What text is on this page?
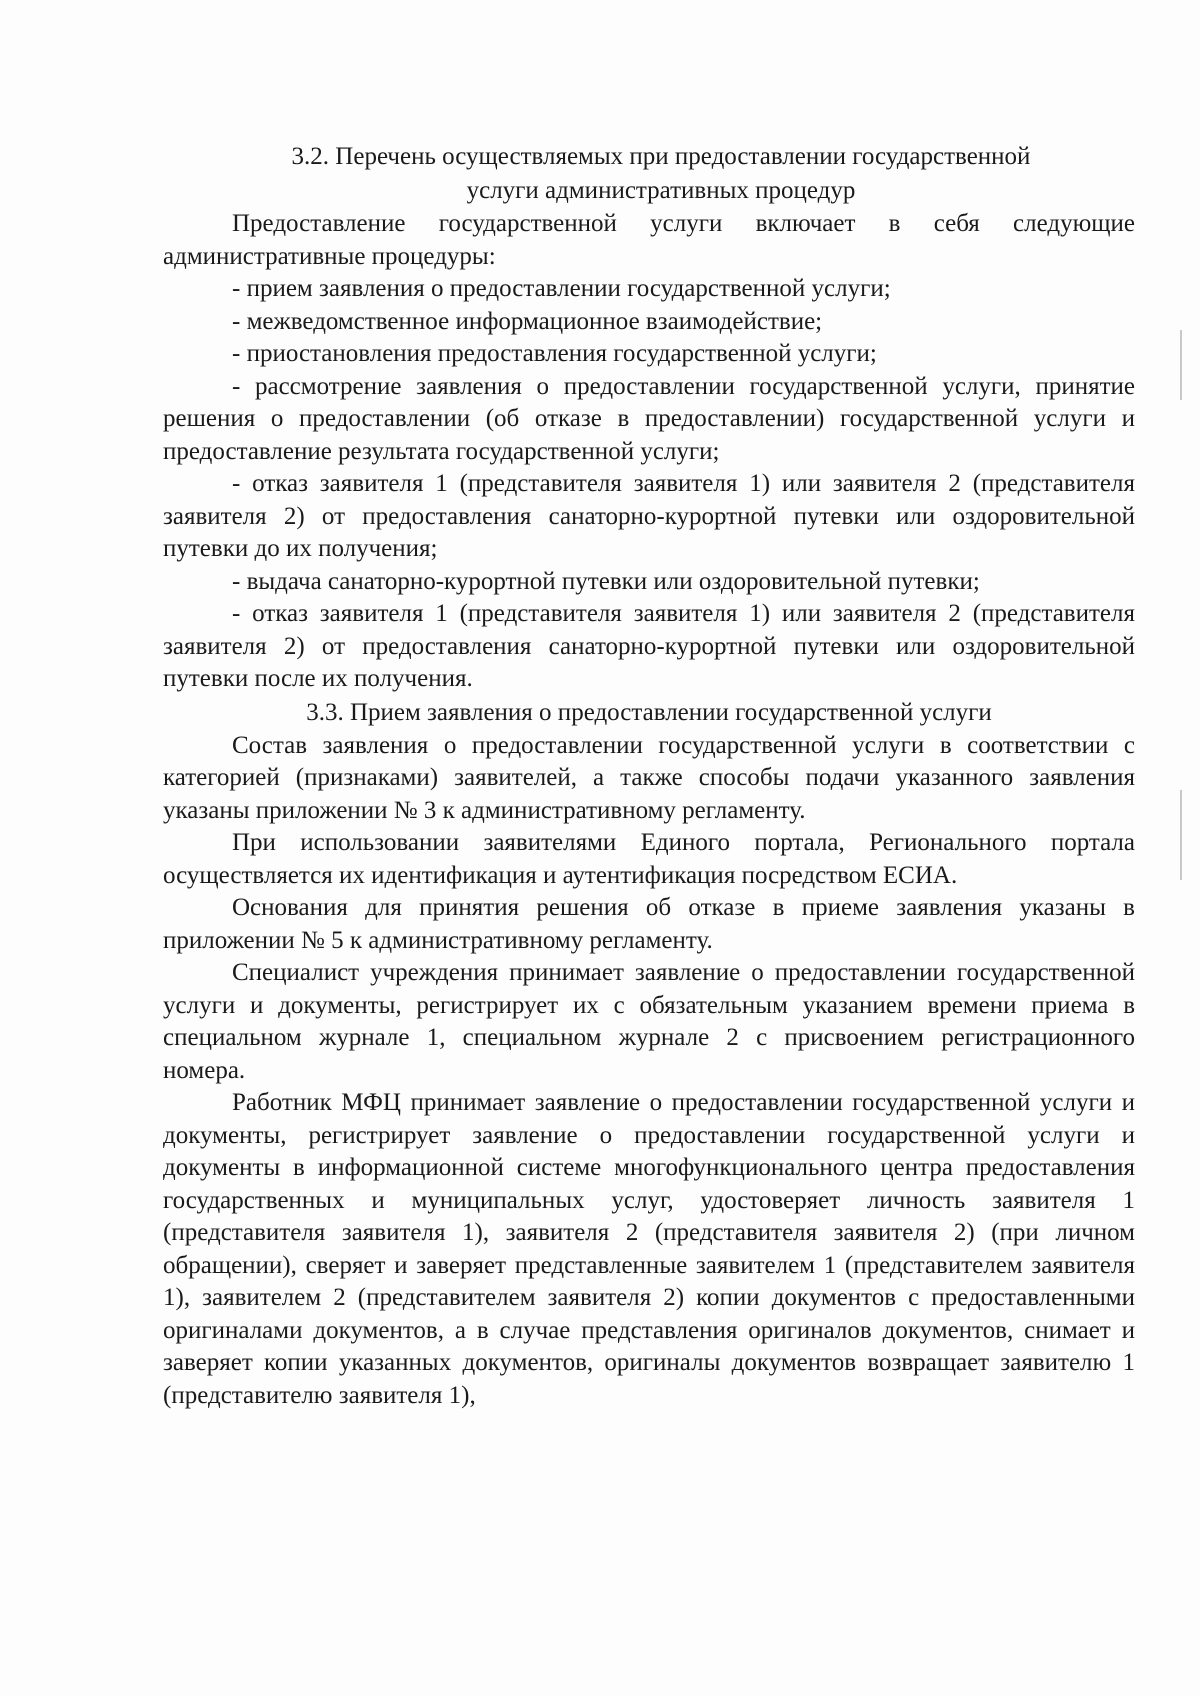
3.2. Перечень осуществляемых при предоставлении государственной
услуги административных процедур

Предоставление государственной услуги включает в себя следующие административные процедуры:

- прием заявления о предоставлении государственной услуги;

- межведомственное информационное взаимодействие;

- приостановления предоставления государственной услуги;

- рассмотрение заявления о предоставлении государственной услуги, принятие решения о предоставлении (об отказе в предоставлении) государственной услуги и предоставление результата государственной услуги;

- отказ заявителя 1 (представителя заявителя 1) или заявителя 2 (представителя заявителя 2) от предоставления санаторно-курортной путевки или оздоровительной путевки до их получения;

- выдача санаторно-курортной путевки или оздоровительной путевки;

- отказ заявителя 1 (представителя заявителя 1) или заявителя 2 (представителя заявителя 2) от предоставления санаторно-курортной путевки или оздоровительной путевки после их получения.

3.3. Прием заявления о предоставлении государственной услуги

Состав заявления о предоставлении государственной услуги в соответствии с категорией (признаками) заявителей, а также способы подачи указанного заявления указаны приложении № 3 к административному регламенту.

При использовании заявителями Единого портала, Регионального портала осуществляется их идентификация и аутентификация посредством ЕСИА.

Основания для принятия решения об отказе в приеме заявления указаны в приложении № 5 к административному регламенту.

Специалист учреждения принимает заявление о предоставлении государственной услуги и документы, регистрирует их с обязательным указанием времени приема в специальном журнале 1, специальном журнале 2 с присвоением регистрационного номера.

Работник МФЦ принимает заявление о предоставлении государственной услуги и документы, регистрирует заявление о предоставлении государственной услуги и документы в информационной системе многофункционального центра предоставления государственных и муниципальных услуг, удостоверяет личность заявителя 1 (представителя заявителя 1), заявителя 2 (представителя заявителя 2) (при личном обращении), сверяет и заверяет представленные заявителем 1 (представителем заявителя 1), заявителем 2 (представителем заявителя 2) копии документов с предоставленными оригиналами документов, а в случае представления оригиналов документов, снимает и заверяет копии указанных документов, оригиналы документов возвращает заявителю 1 (представителю заявителя 1),
